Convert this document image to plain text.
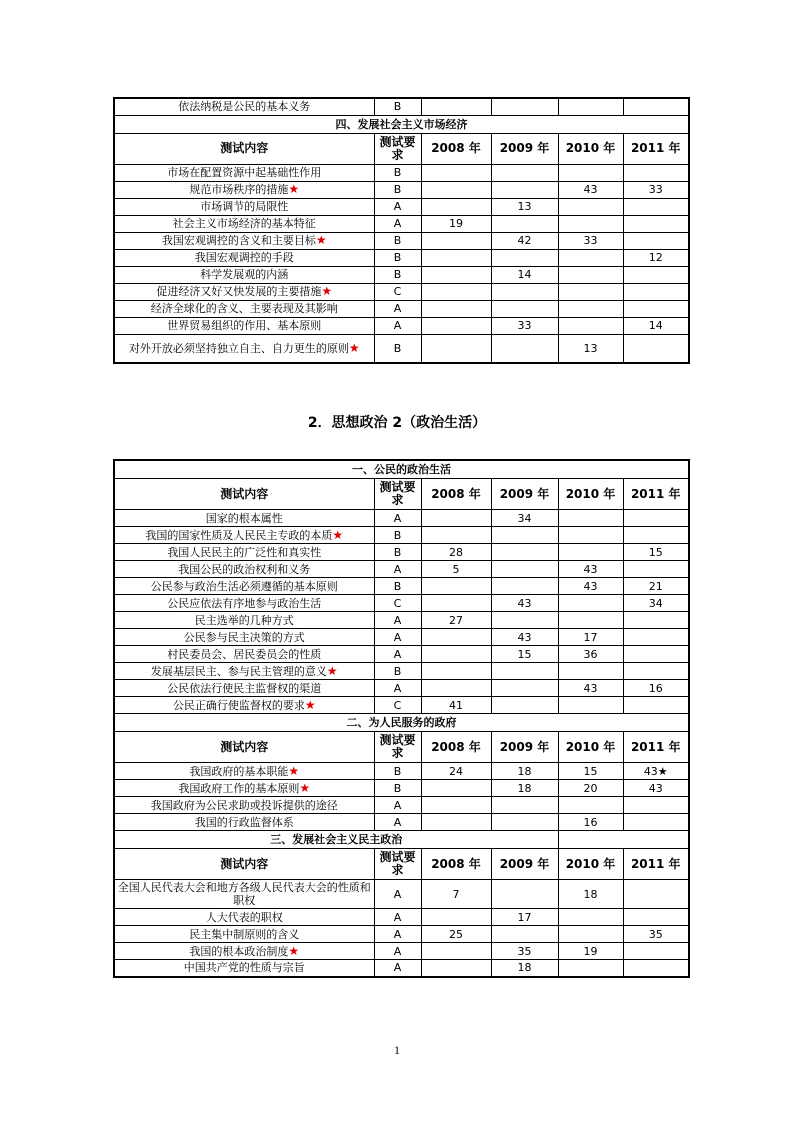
依法纳税是公民的基本义务	B				
四、发展社会主义市场经济					
测试内容	测试要求	2008 年	2009 年	2010 年	2011 年
市场在配置资源中起基础性作用	B				
规范市场秩序的措施★	B			43	33
市场调节的局限性	A		13		
社会主义市场经济的基本特征	A	19			
我国宏观调控的含义和主要目标★	B		42	33	
我国宏观调控的手段	B				12
科学发展观的内涵	B		14		
促进经济又好又快发展的主要措施★	C				
经济全球化的含义、主要表现及其影响	A				
世界贸易组织的作用、基本原则	A		33		14
对外开放必须坚持独立自主、自力更生的原则★	B			13	
2．思想政治 2（政治生活）
一、公民的政治生活					
测试内容	测试要求	2008 年	2009 年	2010 年	2011 年
国家的根本属性	A		34		
我国的国家性质及人民民主专政的本质★	B				
我国人民民主的广泛性和真实性	B	28			15
我国公民的政治权利和义务	A	5		43	
公民参与政治生活必须遵循的基本原则	B			43	21
公民应依法有序地参与政治生活	C		43		34
民主选举的几种方式	A	27			
公民参与民主决策的方式	A		43	17	
村民委员会、居民委员会的性质	A		15	36	
发展基层民主、参与民主管理的意义★	B				
公民依法行使民主监督权的渠道	A			43	16
公民正确行使监督权的要求★	C	41			
二、为人民服务的政府					
测试内容	测试要求	2008 年	2009 年	2010 年	2011 年
我国政府的基本职能★	B	24	18	15	43★
我国政府工作的基本原则★	B		18	20	43
我国政府为公民求助或投诉提供的途径	A				
我国的行政监督体系	A			16	
三、发展社会主义民主政治					
测试内容	测试要求	2008 年	2009 年	2010 年	2011 年
全国人民代表大会和地方各级人民代表大会的性质和职权	A	7		18	
人大代表的职权	A		17		
民主集中制原则的含义	A	25			35
我国的根本政治制度★	A		35	19	
中国共产党的性质与宗旨	A		18		
1
